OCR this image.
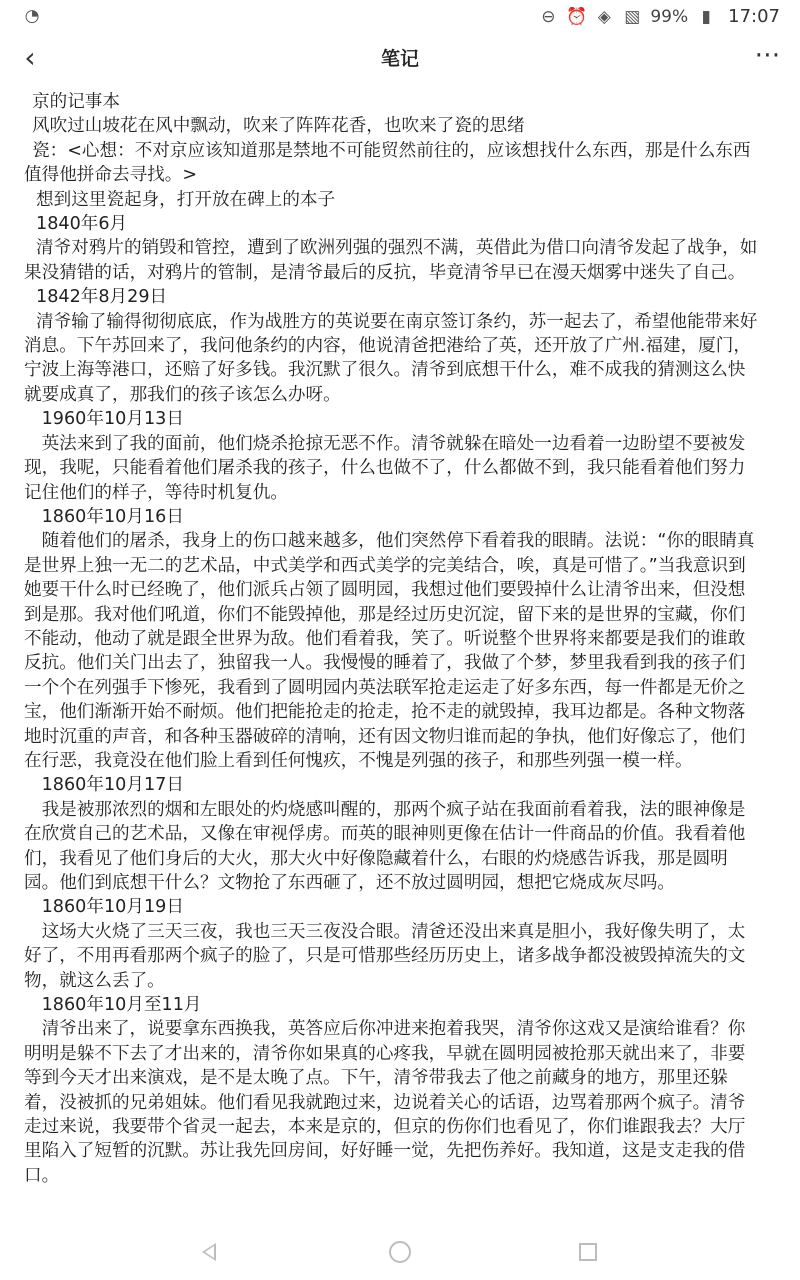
◔	⊖ ⏰ ◈ ▧ 99% ▮ 17:07
‹	笔记	⋯
京的记事本
风吹过山坡花在风中飘动，吹来了阵阵花香，也吹来了瓷的思绪
瓷：<心想：不对京应该知道那是禁地不可能贸然前往的，应该想找什么东西，那是什么东西
值得他拼命去寻找。>
想到这里瓷起身，打开放在碑上的本子
1840年6月
清爷对鸦片的销毁和管控，遭到了欧洲列强的强烈不满，英借此为借口向清爷发起了战争，如
果没猜错的话，对鸦片的管制，是清爷最后的反抗，毕竟清爷早已在漫天烟雾中迷失了自己。
1842年8月29日
清爷输了输得彻彻底底，作为战胜方的英说要在南京签订条约，苏一起去了，希望他能带来好
消息。下午苏回来了，我问他条约的内容，他说清爸把港给了英，还开放了广州.福建，厦门，
宁波上海等港口，还赔了好多钱。我沉默了很久。清爷到底想干什么，难不成我的猜测这么快
就要成真了，那我们的孩子该怎么办呀。
1960年10月13日
英法来到了我的面前，他们烧杀抢掠无恶不作。清爷就躲在暗处一边看着一边盼望不要被发
现，我呢，只能看着他们屠杀我的孩子，什么也做不了，什么都做不到，我只能看着他们努力
记住他们的样子，等待时机复仇。
1860年10月16日
随着他们的屠杀，我身上的伤口越来越多，他们突然停下看着我的眼睛。法说：“你的眼睛真
是世界上独一无二的艺术品，中式美学和西式美学的完美结合，唉，真是可惜了。”当我意识到
她要干什么时已经晚了，他们派兵占领了圆明园，我想过他们要毁掉什么让清爷出来，但没想
到是那。我对他们吼道，你们不能毁掉他，那是经过历史沉淀，留下来的是世界的宝藏，你们
不能动，他动了就是跟全世界为敌。他们看着我，笑了。听说整个世界将来都要是我们的谁敢
反抗。他们关门出去了，独留我一人。我慢慢的睡着了，我做了个梦，梦里我看到我的孩子们
一个个在列强手下惨死，我看到了圆明园内英法联军抢走运走了好多东西，每一件都是无价之
宝，他们渐渐开始不耐烦。他们把能抢走的抢走，抢不走的就毁掉，我耳边都是。各种文物落
地时沉重的声音，和各种玉器破碎的清响，还有因文物归谁而起的争执，他们好像忘了，他们
在行恶，我竟没在他们脸上看到任何愧疚，不愧是列强的孩子，和那些列强一模一样。
1860年10月17日
我是被那浓烈的烟和左眼处的灼烧感叫醒的，那两个疯子站在我面前看着我，法的眼神像是
在欣赏自己的艺术品，又像在审视俘虏。而英的眼神则更像在估计一件商品的价值。我看着他
们，我看见了他们身后的大火，那大火中好像隐藏着什么，右眼的灼烧感告诉我，那是圆明
园。他们到底想干什么？文物抢了东西砸了，还不放过圆明园，想把它烧成灰尽吗。
1860年10月19日
这场大火烧了三天三夜，我也三天三夜没合眼。清爸还没出来真是胆小，我好像失明了，太
好了，不用再看那两个疯子的脸了，只是可惜那些经历历史上，诸多战争都没被毁掉流失的文
物，就这么丢了。
1860年10月至11月
清爷出来了，说要拿东西换我，英答应后你冲进来抱着我哭，清爷你这戏又是演给谁看？你
明明是躲不下去了才出来的，清爷你如果真的心疼我，早就在圆明园被抢那天就出来了，非要
等到今天才出来演戏，是不是太晚了点。下午，清爷带我去了他之前藏身的地方，那里还躲
着，没被抓的兄弟姐妹。他们看见我就跑过来，边说着关心的话语，边骂着那两个疯子。清爷
走过来说，我要带个省灵一起去，本来是京的，但京的伤你们也看见了，你们谁跟我去？大厅
里陷入了短暂的沉默。苏让我先回房间，好好睡一觉，先把伤养好。我知道，这是支走我的借
口。
